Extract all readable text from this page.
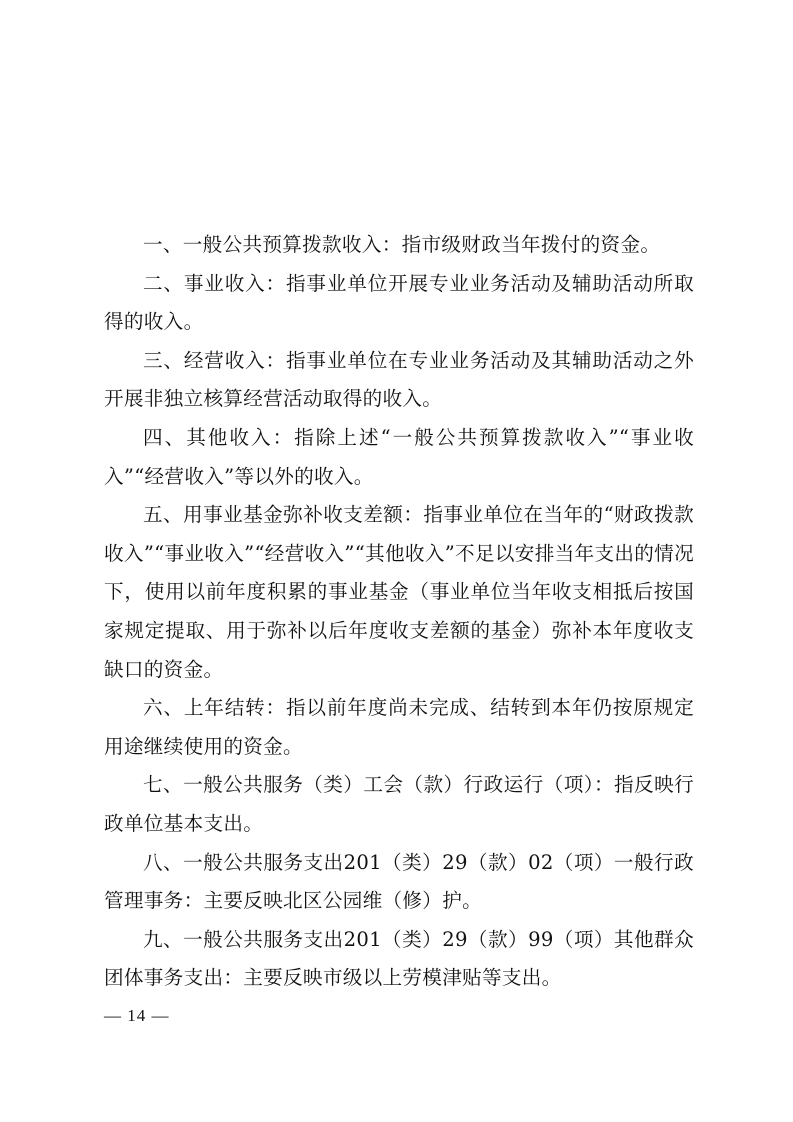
一、一般公共预算拨款收入：指市级财政当年拨付的资金。

二、事业收入：指事业单位开展专业业务活动及辅助活动所取得的收入。

三、经营收入：指事业单位在专业业务活动及其辅助活动之外开展非独立核算经营活动取得的收入。

四、其他收入：指除上述“一般公共预算拨款收入”“事业收入”“经营收入”等以外的收入。

五、用事业基金弥补收支差额：指事业单位在当年的“财政拨款收入”“事业收入”“经营收入”“其他收入”不足以安排当年支出的情况下，使用以前年度积累的事业基金（事业单位当年收支相抵后按国家规定提取、用于弥补以后年度收支差额的基金）弥补本年度收支缺口的资金。

六、上年结转：指以前年度尚未完成、结转到本年仍按原规定用途继续使用的资金。

七、一般公共服务（类）工会（款）行政运行（项）：指反映行政单位基本支出。

八、一般公共服务支出201（类）29（款）02（项）一般行政管理事务：主要反映北区公园维（修）护。

九、一般公共服务支出201（类）29（款）99（项）其他群众团体事务支出：主要反映市级以上劳模津贴等支出。

— 14 —
